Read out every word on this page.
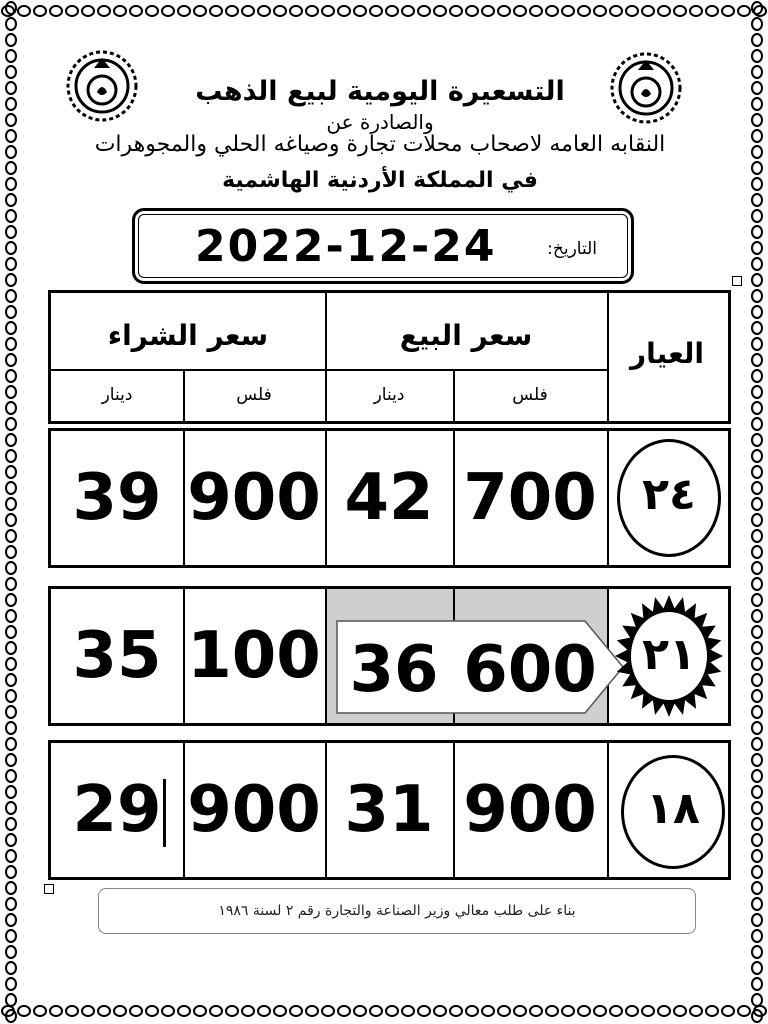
التسعيرة اليومية لبيع الذهب
والصادرة عن
النقابه العامه لاصحاب محلات تجارة وصياغه الحلي والمجوهرات
في المملكة الأردنية الهاشمية
2022-12-24	التاريخ:
العيار
سعر البيع
سعر الشراء
فلس
دينار
فلس
دينار
٢٤
700
42
900
39
٢١
600
36
100
35
١٨
900
31
900
29
بناء على طلب معالي وزير الصناعة والتجارة رقم ٢ لسنة ١٩٨٦
